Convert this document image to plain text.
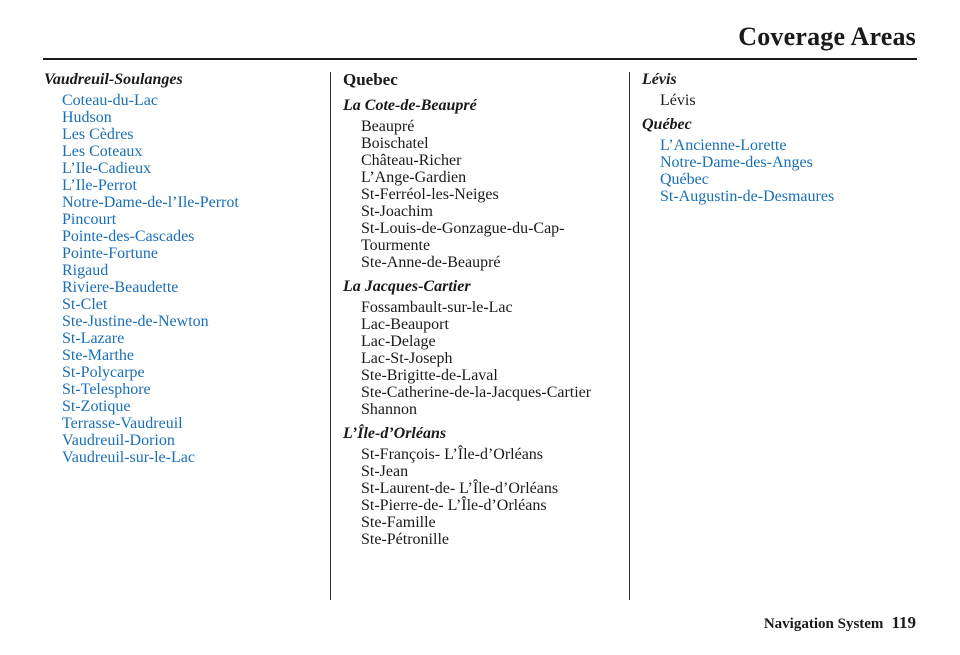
Coverage Areas

Vaudreuil-Soulanges

Coteau-du-Lac
Hudson
Les Cèdres
Les Coteaux
L’Ile-Cadieux
L’Ile-Perrot
Notre-Dame-de-l’Ile-Perrot
Pincourt
Pointe-des-Cascades
Pointe-Fortune
Rigaud
Riviere-Beaudette
St-Clet
Ste-Justine-de-Newton
St-Lazare
Ste-Marthe
St-Polycarpe
St-Telesphore
St-Zotique
Terrasse-Vaudreuil
Vaudreuil-Dorion
Vaudreuil-sur-le-Lac

Quebec

La Cote-de-Beaupré

Beaupré
Boischatel
Château-Richer
L’Ange-Gardien
St-Ferréol-les-Neiges
St-Joachim
St-Louis-de-Gonzague-du-Cap-
Tourmente
Ste-Anne-de-Beaupré

La Jacques-Cartier

Fossambault-sur-le-Lac
Lac-Beauport
Lac-Delage
Lac-St-Joseph
Ste-Brigitte-de-Laval
Ste-Catherine-de-la-Jacques-Cartier
Shannon

L’Île-d’Orléans

St-François- L’Île-d’Orléans
St-Jean
St-Laurent-de- L’Île-d’Orléans
St-Pierre-de- L’Île-d’Orléans
Ste-Famille
Ste-Pétronille

Lévis

Lévis

Québec

L’Ancienne-Lorette
Notre-Dame-des-Anges
Québec
St-Augustin-de-Desmaures
Navigation System 119
